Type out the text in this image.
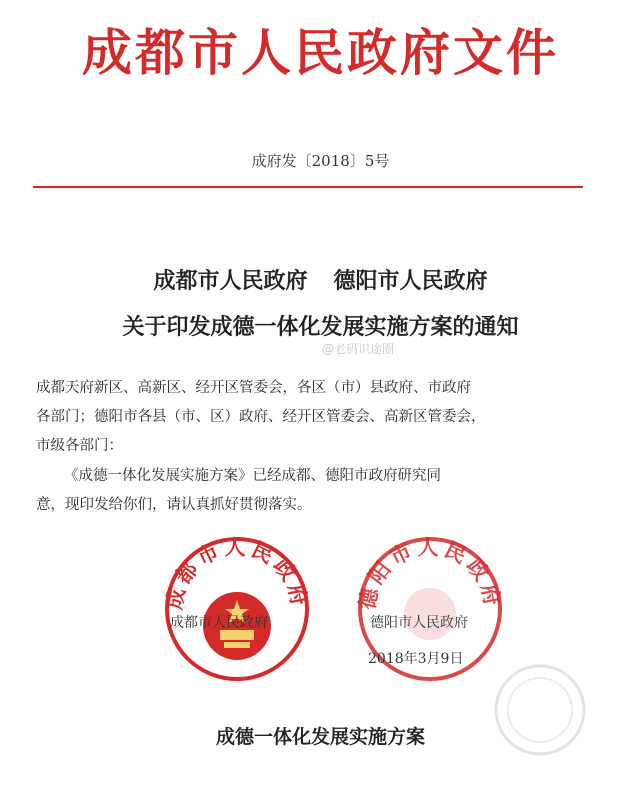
成都市人民政府文件
成府发〔2018〕5号
成都市人民政府 德阳市人民政府
关于印发成德一体化发展实施方案的通知
@老码识途圈
成都天府新区、高新区、经开区管委会，各区（市）县政府、市政府
各部门；德阳市各县（市、区）政府、经开区管委会、高新区管委会，
市级各部门：
《成德一体化发展实施方案》已经成都、德阳市政府研究同
意，现印发给你们，请认真抓好贯彻落实。
成都市人民政府
成都市人民政府
德阳市人民政府
德阳市人民政府
2018年3月9日
成德一体化发展实施方案
